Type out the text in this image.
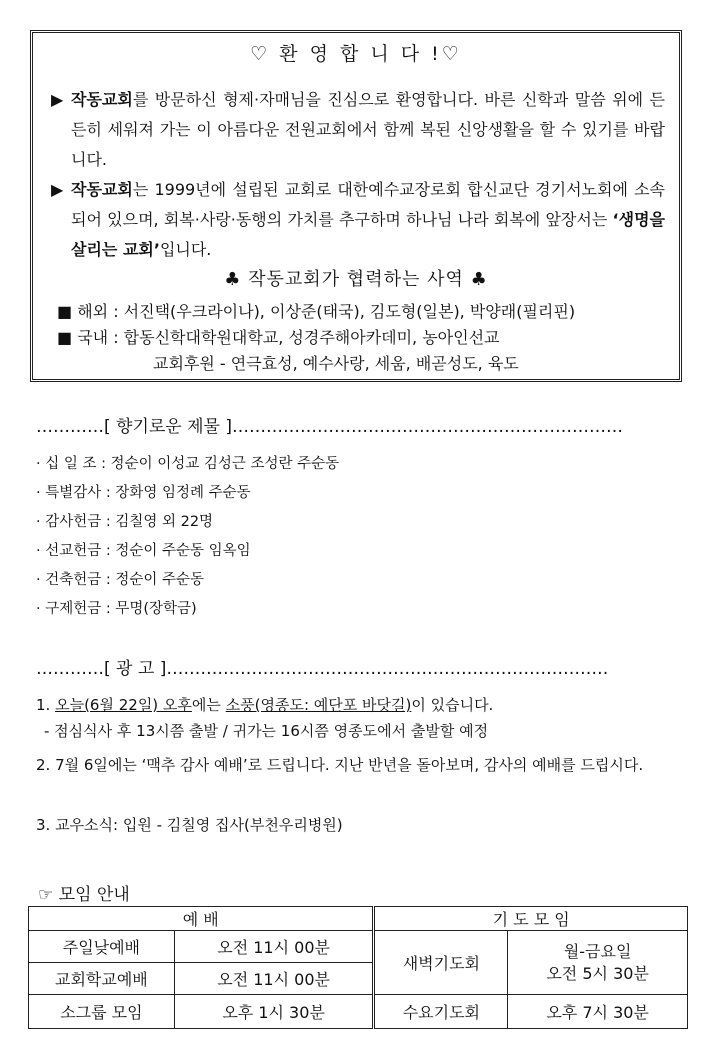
♡ 환 영 합 니 다 !♡
▶ 작동교회를 방문하신 형제·자매님을 진심으로 환영합니다. 바른 신학과 말씀 위에 든든히 세워져 가는 이 아름다운 전원교회에서 함께 복된 신앙생활을 할 수 있기를 바랍니다.
▶ 작동교회는 1999년에 설립된 교회로 대한예수교장로회 합신교단 경기서노회에 소속되어 있으며, 회복·사랑·동행의 가치를 추구하며 하나님 나라 회복에 앞장서는 ‘생명을 살리는 교회’입니다.
♣ 작동교회가 협력하는 사역 ♣
■ 해외 : 서진택(우크라이나), 이상준(태국), 김도형(일본), 박양래(필리핀)
■ 국내 : 합동신학대학원대학교, 성경주해아카데미, 농아인선교
교회후원 - 연극효성, 예수사랑, 세움, 배곧성도, 육도
…………[ 향기로운 제물 ]……………………………………………………………
· 십 일 조 : 정순이 이성교 김성근 조성란 주순동
· 특별감사 : 장화영 임정례 주순동
· 감사헌금 : 김칠영 외 22명
· 선교헌금 : 정순이 주순동 임옥임
· 건축헌금 : 정순이 주순동
· 구제헌금 : 무명(장학금)
…………[ 광 고 ]……………………………………………………………………
1. 오늘(6월 22일) 오후에는 소풍(영종도: 예단포 바닷길)이 있습니다.
- 점심식사 후 13시쯤 출발 / 귀가는 16시쯤 영종도에서 출발할 예정
2. 7월 6일에는 ‘맥추 감사 예배’로 드립니다. 지난 반년을 돌아보며, 감사의 예배를 드립시다.
3. 교우소식: 입원 - 김칠영 집사(부천우리병원)
☞ 모임 안내
예 배		기 도 모 임	
주일낮예배	오전 11시 00분	새벽기도회	월-금요일
오전 5시 30분

교회학교예배	오전 11시 00분		
소그룹 모임	오후 1시 30분	수요기도회	오후 7시 30분
